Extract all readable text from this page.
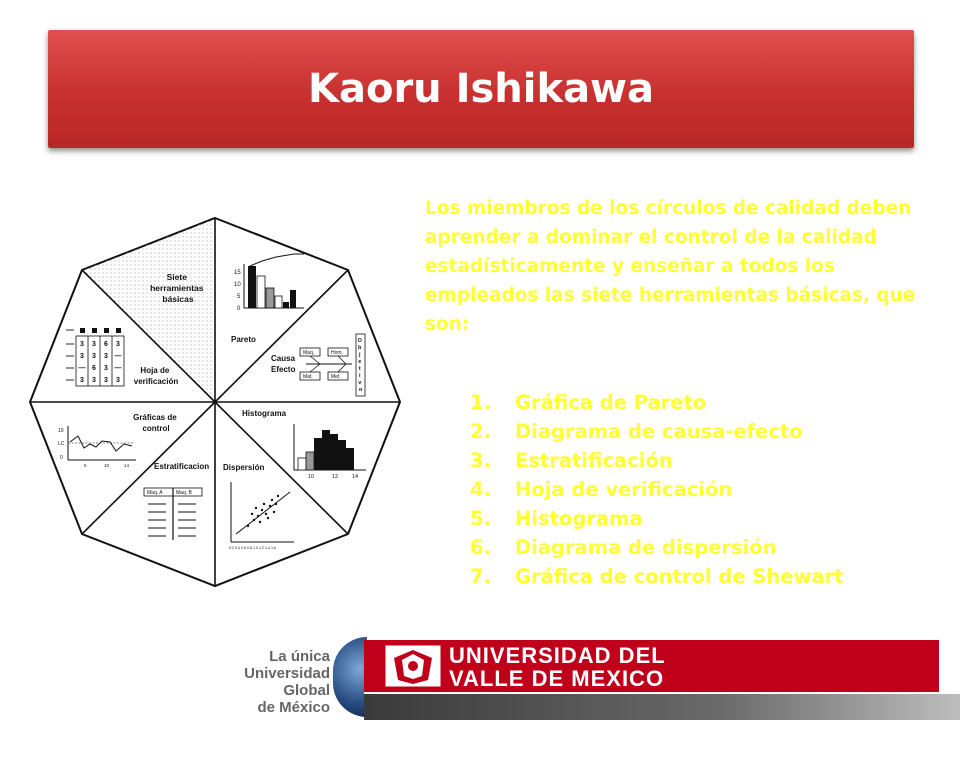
Kaoru Ishikawa
Los miembros de los círculos de calidad deben aprender a dominar el control de la calidad estadísticamente y enseñar a todos los empleados las siete herramientas básicas, que son:
1.	Gráfica de Pareto
2.	Diagrama de causa-efecto
3.	Estratificación
4.	Hoja de verificación
5.	Histograma
6.	Diagrama de dispersión
7.	Gráfica de control de Shewart
Siete herramientas básicas
15
10
5
0
Pareto
Causa Efecto
Maq.	Hom.
Mat.	Met.
O b j e t i v o
Histograma
10	12	14
Dispersión
0.2 0.4 0.6 0.8 1.0 1.2 1.4 1.6
Estratificacion
Maq. A	Maq. B
Gráficas de control
10
LC
0
5	10	14
Hoja de verificación
3 3 6 3
3 3 3 —
— 6 3 —
3 3 3 3
La única
Universidad Global
de México
UNIVERSIDAD DEL
VALLE DE MEXICO
Laureate International Universities®
